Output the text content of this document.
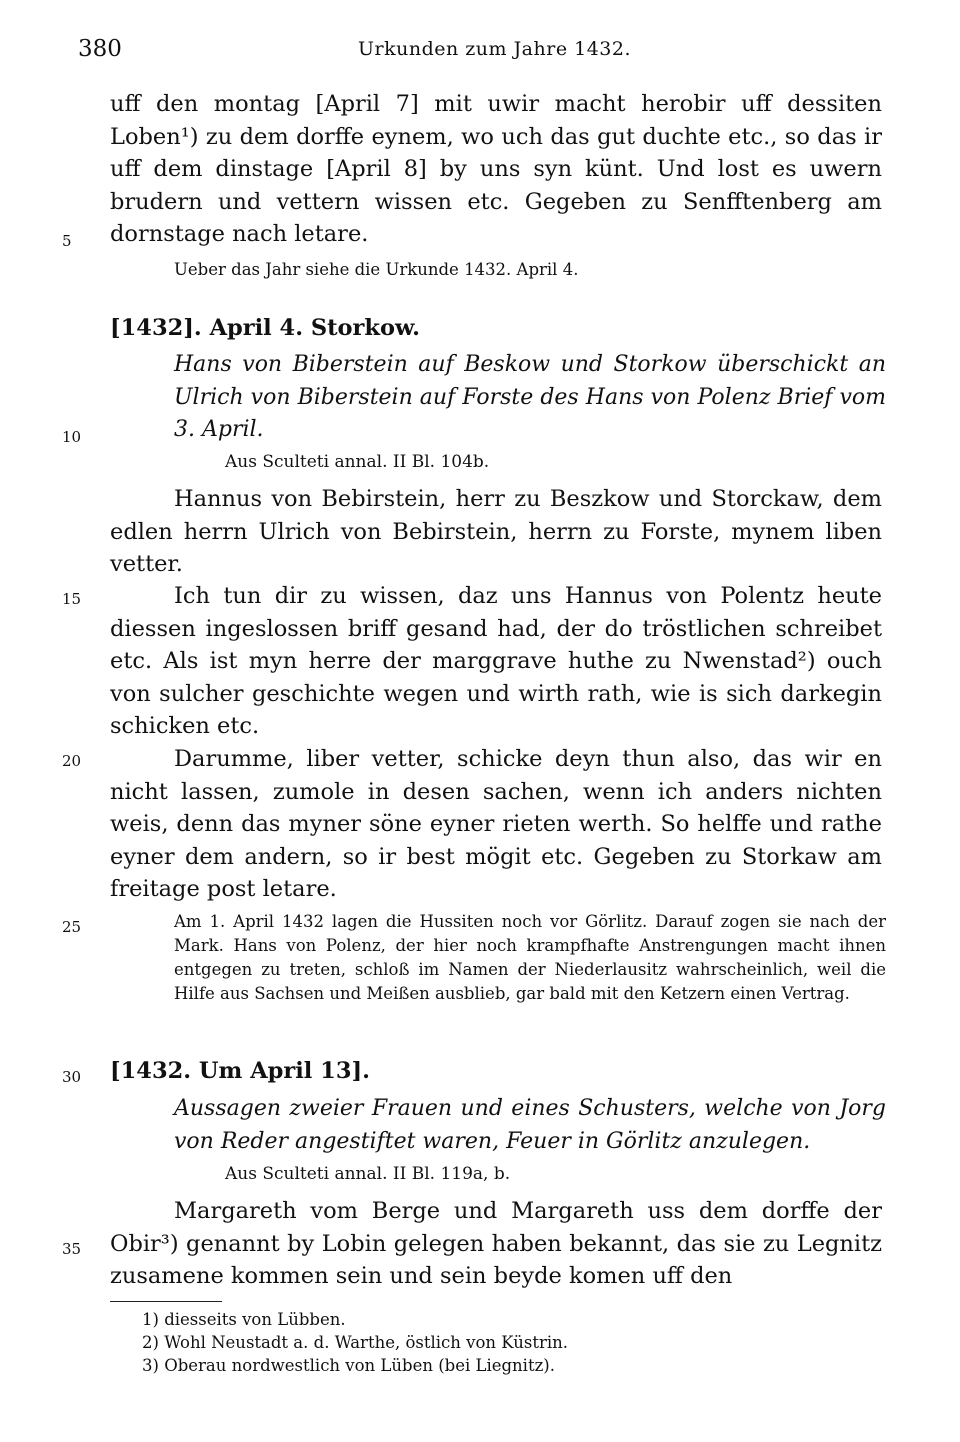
380	Urkunden zum Jahre 1432.
5
10
15
20
25
30
35
uff den montag [April 7] mit uwir macht herobir uff dessiten Loben¹) zu dem dorffe eynem, wo uch das gut duchte etc., so das ir uff dem dinstage [April 8] by uns syn künt. Und lost es uwern brudern und vettern wissen etc. Gegeben zu Senfftenberg am dornstage nach letare.
Ueber das Jahr siehe die Urkunde 1432. April 4.
[1432]. April 4. Storkow.
Hans von Biberstein auf Beskow und Storkow überschickt an Ulrich von Biberstein auf Forste des Hans von Polenz Brief vom 3. April.
Aus Sculteti annal. II Bl. 104b.
Hannus von Bebirstein, herr zu Beszkow und Storckaw, dem edlen herrn Ulrich von Bebirstein, herrn zu Forste, mynem liben vetter.
Ich tun dir zu wissen, daz uns Hannus von Polentz heute diessen ingeslossen briff gesand had, der do tröstlichen schreibet etc. Als ist myn herre der marggrave huthe zu Nwenstad²) ouch von sulcher geschichte wegen und wirth rath, wie is sich darkegin schicken etc.
Darumme, liber vetter, schicke deyn thun also, das wir en nicht lassen, zumole in desen sachen, wenn ich anders nichten weis, denn das myner söne eyner rieten werth. So helffe und rathe eyner dem andern, so ir best mögit etc. Gegeben zu Storkaw am freitage post letare.
Am 1. April 1432 lagen die Hussiten noch vor Görlitz. Darauf zogen sie nach der Mark. Hans von Polenz, der hier noch krampfhafte Anstrengungen macht ihnen entgegen zu treten, schloß im Namen der Niederlausitz wahrscheinlich, weil die Hilfe aus Sachsen und Meißen ausblieb, gar bald mit den Ketzern einen Vertrag.
[1432. Um April 13].
Aussagen zweier Frauen und eines Schusters, welche von Jorg von Reder angestiftet waren, Feuer in Görlitz anzulegen.
Aus Sculteti annal. II Bl. 119a, b.
Margareth vom Berge und Margareth uss dem dorffe der Obir³) genannt by Lobin gelegen haben bekannt, das sie zu Legnitz zusamene kommen sein und sein beyde komen uff den
1) diesseits von Lübben.
2) Wohl Neustadt a. d. Warthe, östlich von Küstrin.
3) Oberau nordwestlich von Lüben (bei Liegnitz).
